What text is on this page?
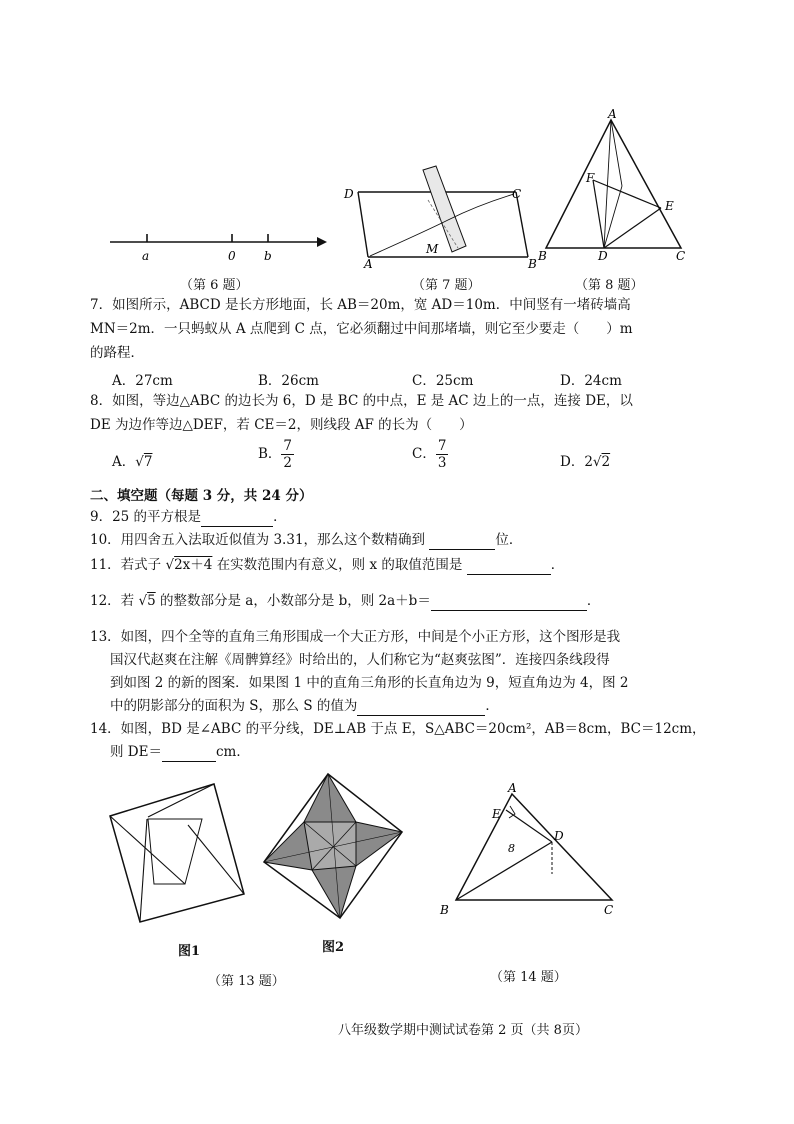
a	0 b
（第 6 题）
A	B
C
D
M
（第 7 题）
A
B	C
D
E
F
（第 8 题）
7．如图所示，ABCD 是长方形地面，长 AB＝20m，宽 AD＝10m．中间竖有一堵砖墙高
MN＝2m．一只蚂蚁从 A 点爬到 C 点，它必须翻过中间那堵墙，则它至少要走（　　）m
的路程．
A．27cm	B．26cm	C．25cm	D．24cm
8．如图，等边△ABC 的边长为 6，D 是 BC 的中点，E 是 AC 边上的一点，连接 DE，以
DE 为边作等边△DEF，若 CE＝2，则线段 AF 的长为（　　）
A．√7	B． $\frac{7}{2}$	C． $\frac{7}{3}$	D．2√2
二、填空题（每题 3 分，共 24 分）
9．25 的平方根是	．
10．用四舍五入法取近似值为 3.31，那么这个数精确到	位．
11．若式子 √2x＋4 在实数范围内有意义，则 x 的取值范围是	．
12．若 √5 的整数部分是 a，小数部分是 b，则 2a＋b＝	．
13．如图，四个全等的直角三角形围成一个大正方形，中间是个小正方形，这个图形是我
国汉代赵爽在注解《周髀算经》时给出的，人们称它为“赵爽弦图”．连接四条线段得
到如图 2 的新的图案．如果图 1 中的直角三角形的长直角边为 9，短直角边为 4，图 2
中的阴影部分的面积为 S，那么 S 的值为	．
14．如图，BD 是∠ABC 的平分线，DE⊥AB 于点 E，S△ABC＝20cm²，AB＝8cm，BC＝12cm，
则 DE＝	cm．
图1	图2
（第 13 题）
A
B	C
D
E
8
（第 14 题）
八年级数学期中测试试卷第 2 页（共 8页）
